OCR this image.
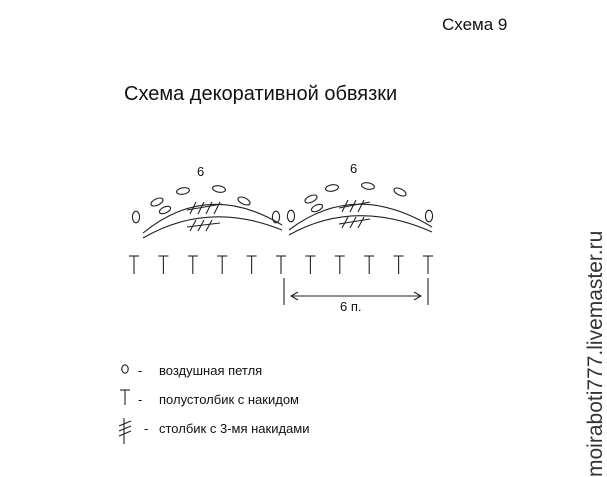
Схема 9
Схема декоративной обвязки
6	6
6 п.
- воздушная петля
- полустолбик с накидом
- столбик с 3-мя накидами	moiraboti777.livemaster.ru
